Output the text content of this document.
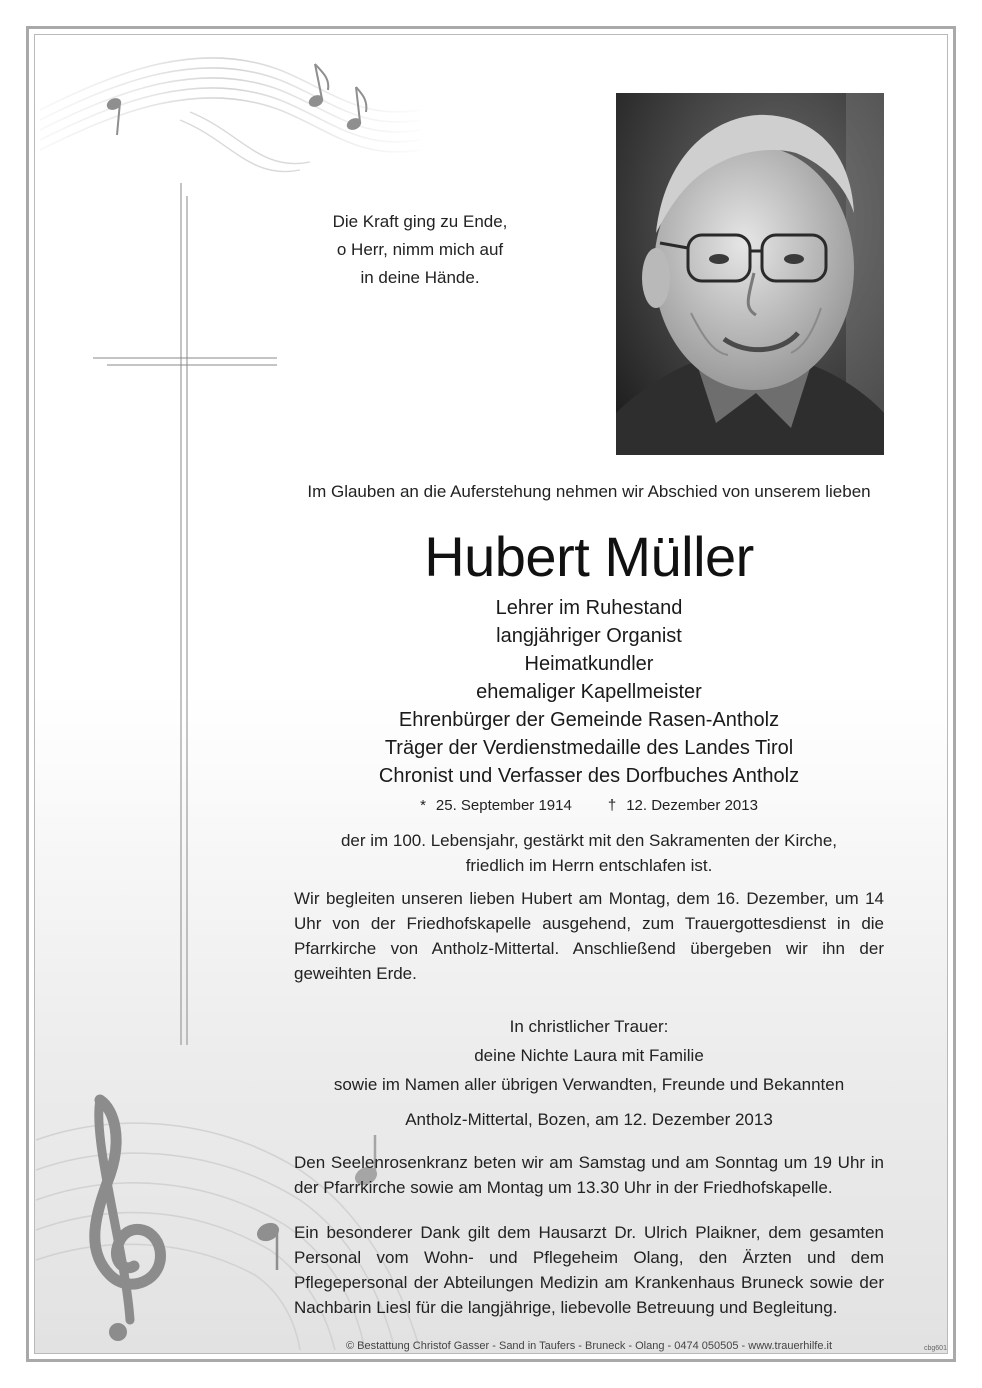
Die Kraft ging zu Ende,
o Herr, nimm mich auf
in deine Hände.
Im Glauben an die Auferstehung nehmen wir Abschied von unserem lieben
Hubert Müller
Lehrer im Ruhestand
langjähriger Organist
Heimatkundler
ehemaliger Kapellmeister
Ehrenbürger der Gemeinde Rasen-Antholz
Träger der Verdienstmedaille des Landes Tirol
Chronist und Verfasser des Dorfbuches Antholz
* 25. September 1914 † 12. Dezember 2013
der im 100. Lebensjahr, gestärkt mit den Sakramenten der Kirche,
friedlich im Herrn entschlafen ist.
Wir begleiten unseren lieben Hubert am Montag, dem 16. Dezember, um 14 Uhr von der Friedhofskapelle ausgehend, zum Trauergottesdienst in die Pfarrkirche von Antholz-Mittertal. Anschließend übergeben wir ihn der geweihten Erde.
In christlicher Trauer:
deine Nichte Laura mit Familie
sowie im Namen aller übrigen Verwandten, Freunde und Bekannten
Antholz-Mittertal, Bozen, am 12. Dezember 2013
Den Seelenrosenkranz beten wir am Samstag und am Sonntag um 19 Uhr in der Pfarrkirche sowie am Montag um 13.30 Uhr in der Friedhofskapelle.
Ein besonderer Dank gilt dem Hausarzt Dr. Ulrich Plaikner, dem gesamten Personal vom Wohn- und Pflegeheim Olang, den Ärzten und dem Pflegepersonal der Abteilungen Medizin am Krankenhaus Bruneck sowie der Nachbarin Liesl für die langjährige, liebevolle Betreuung und Begleitung.
© Bestattung Christof Gasser - Sand in Taufers - Bruneck - Olang - 0474 050505 - www.trauerhilfe.it	cbg601
